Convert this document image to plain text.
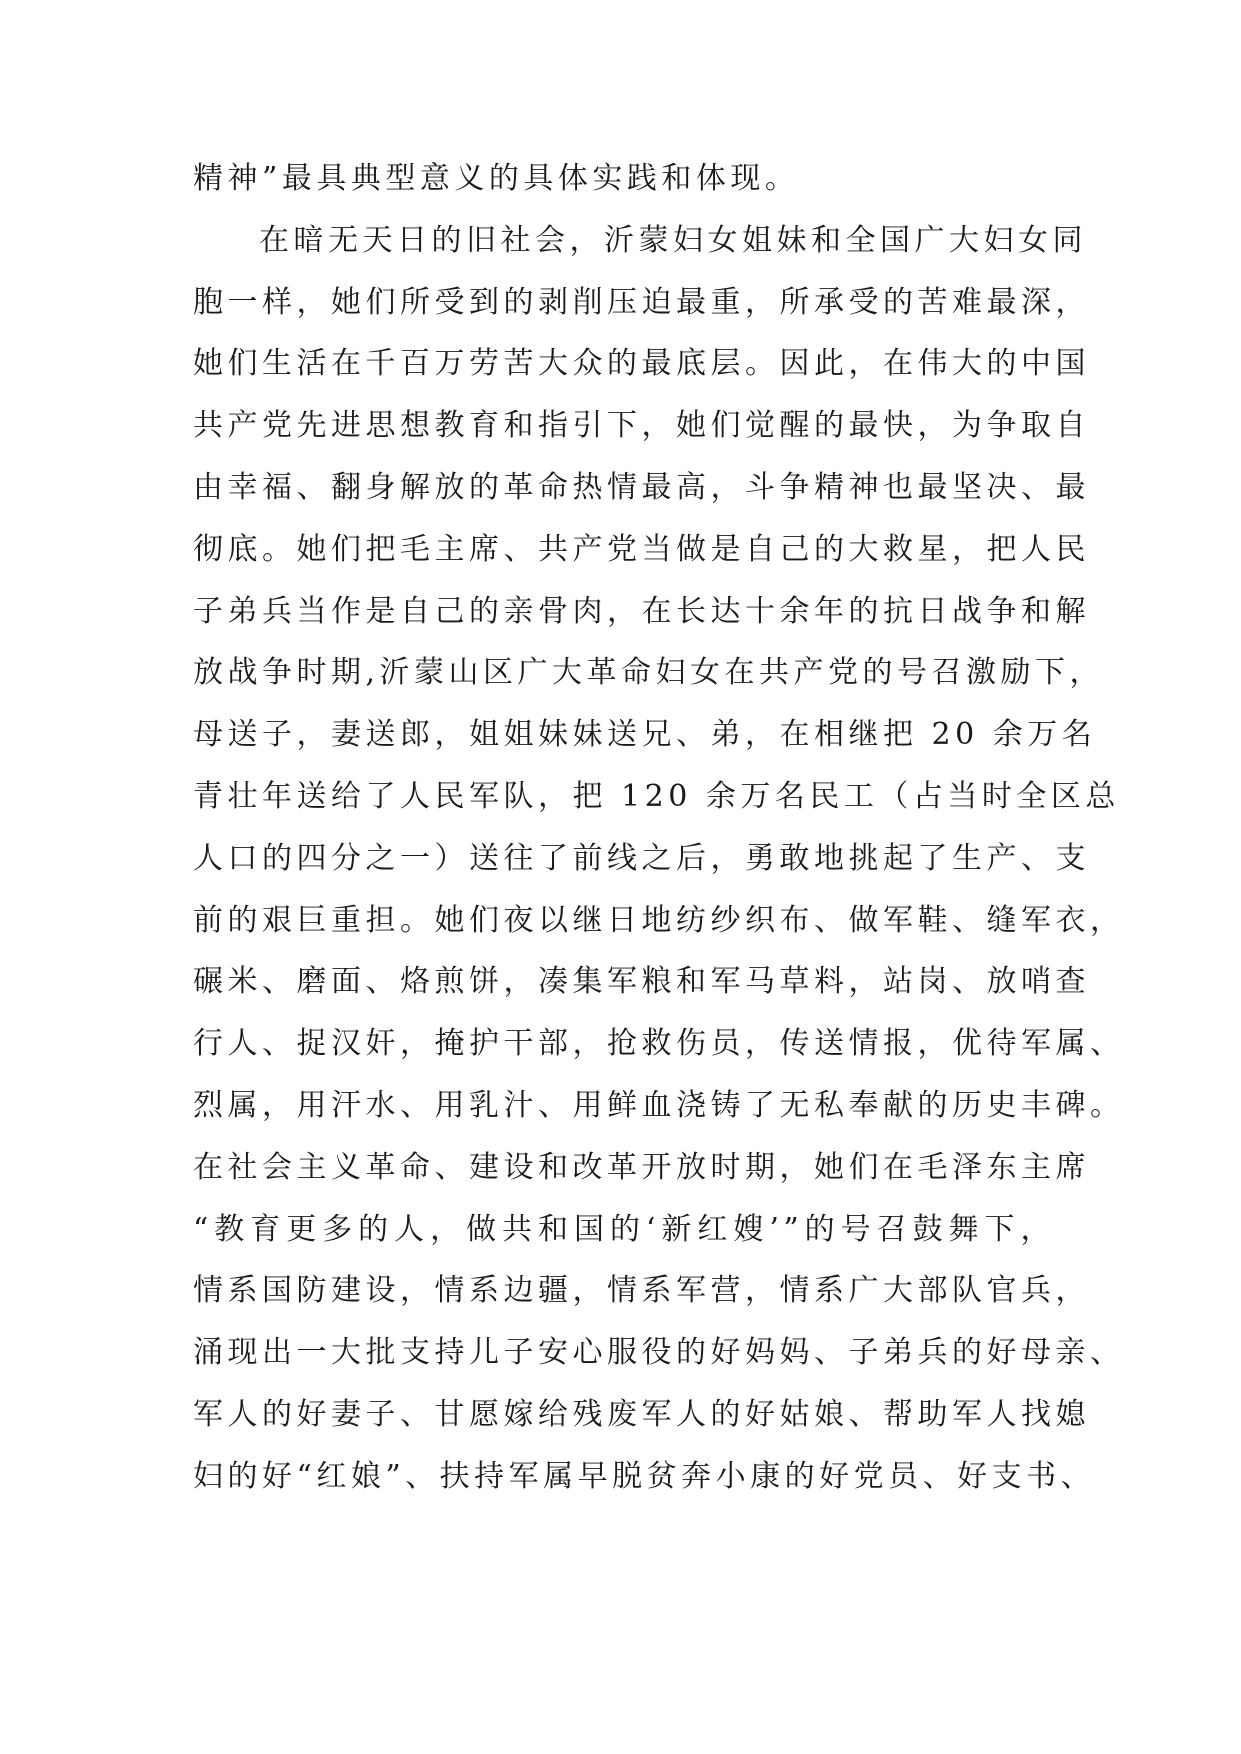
精神”最具典型意义的具体实践和体现。
在暗无天日的旧社会，沂蒙妇女姐妹和全国广大妇女同
胞一样，她们所受到的剥削压迫最重，所承受的苦难最深，
她们生活在千百万劳苦大众的最底层。因此，在伟大的中国
共产党先进思想教育和指引下，她们觉醒的最快，为争取自
由幸福、翻身解放的革命热情最高，斗争精神也最坚决、最
彻底。她们把毛主席、共产党当做是自己的大救星，把人民
子弟兵当作是自己的亲骨肉，在长达十余年的抗日战争和解
放战争时期,沂蒙山区广大革命妇女在共产党的号召激励下，
母送子，妻送郎，姐姐妹妹送兄、弟，在相继把 20 余万名
青壮年送给了人民军队，把 120 余万名民工（占当时全区总
人口的四分之一）送往了前线之后，勇敢地挑起了生产、支
前的艰巨重担。她们夜以继日地纺纱织布、做军鞋、缝军衣，
碾米、磨面、烙煎饼，凑集军粮和军马草料，站岗、放哨查
行人、捉汉奸，掩护干部，抢救伤员，传送情报，优待军属、
烈属，用汗水、用乳汁、用鲜血浇铸了无私奉献的历史丰碑。
在社会主义革命、建设和改革开放时期，她们在毛泽东主席
“教育更多的人，做共和国的‘新红嫂’”的号召鼓舞下，
情系国防建设，情系边疆，情系军营，情系广大部队官兵，
涌现出一大批支持儿子安心服役的好妈妈、子弟兵的好母亲、
军人的好妻子、甘愿嫁给残废军人的好姑娘、帮助军人找媳
妇的好“红娘”、扶持军属早脱贫奔小康的好党员、好支书、
